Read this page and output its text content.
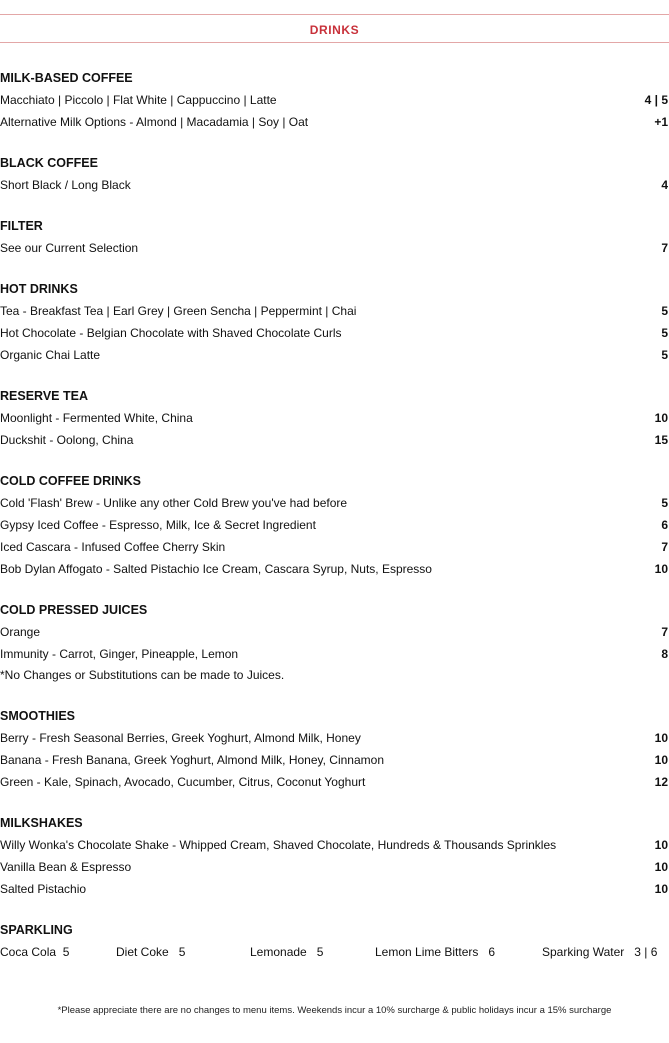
DRINKS
MILK-BASED COFFEE
Macchiato | Piccolo | Flat White | Cappuccino | Latte	4 | 5
Alternative Milk Options - Almond | Macadamia | Soy | Oat	+1
BLACK COFFEE
Short Black / Long Black	4
FILTER
See our Current Selection	7
HOT DRINKS
Tea - Breakfast Tea | Earl Grey | Green Sencha | Peppermint | Chai	5
Hot Chocolate - Belgian Chocolate with Shaved Chocolate Curls	5
Organic Chai Latte	5
RESERVE TEA
Moonlight - Fermented White, China	10
Duckshit - Oolong, China	15
COLD COFFEE DRINKS
Cold 'Flash' Brew - Unlike any other Cold Brew you've had before	5
Gypsy Iced Coffee - Espresso, Milk, Ice & Secret Ingredient	6
Iced Cascara - Infused Coffee Cherry Skin	7
Bob Dylan Affogato - Salted Pistachio Ice Cream, Cascara Syrup, Nuts, Espresso	10
COLD PRESSED JUICES
Orange	7
Immunity - Carrot, Ginger, Pineapple, Lemon	8
*No Changes or Substitutions can be made to Juices.
SMOOTHIES
Berry - Fresh Seasonal Berries, Greek Yoghurt, Almond Milk, Honey	10
Banana - Fresh Banana, Greek Yoghurt, Almond Milk, Honey, Cinnamon	10
Green - Kale, Spinach, Avocado, Cucumber, Citrus, Coconut Yoghurt	12
MILKSHAKES
Willy Wonka's Chocolate Shake - Whipped Cream, Shaved Chocolate, Hundreds & Thousands Sprinkles	10
Vanilla Bean & Espresso	10
Salted Pistachio	10
SPARKLING
Coca Cola  5	Diet Coke   5	Lemonade   5	Lemon Lime Bitters   6	Sparking Water   3 | 6
*Please appreciate there are no changes to menu items. Weekends incur a 10% surcharge & public holidays incur a 15% surcharge
